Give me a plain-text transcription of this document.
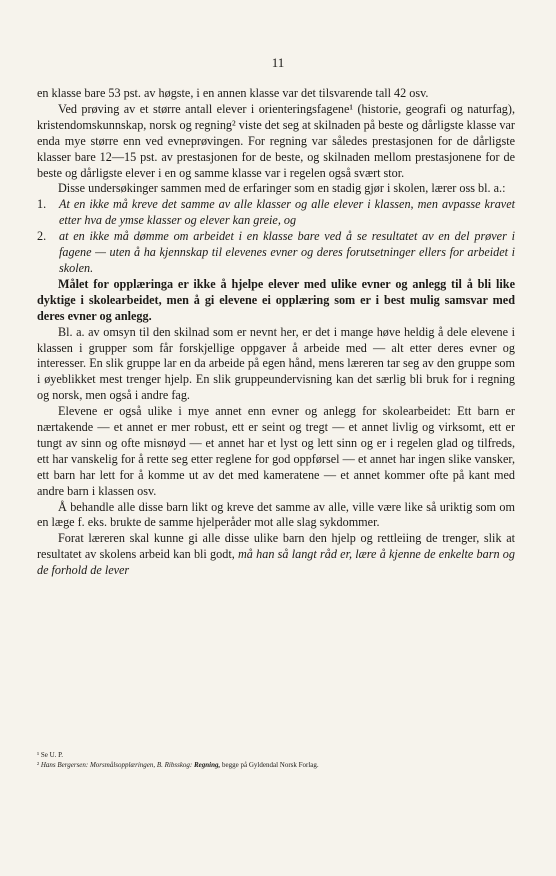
11

en klasse bare 53 pst. av høgste, i en annen klasse var det tilsvarende tall 42 osv.

Ved prøving av et større antall elever i orienteringsfagene¹ (historie, geografi og naturfag), kristendomskunnskap, norsk og regning² viste det seg at skilnaden på beste og dårligste klasse var enda mye større enn ved evneprøvingen. For regning var således prestasjonen for de dårligste klasser bare 12—15 pst. av prestasjonen for de beste, og skilnaden mellom prestasjonene for de beste og dårligste elever i en og samme klasse var i regelen også svært stor.

Disse undersøkinger sammen med de erfaringer som en stadig gjør i skolen, lærer oss bl. a.:

1. At en ikke må kreve det samme av alle klasser og alle elever i klassen, men avpasse kravet etter hva de ymse klasser og elever kan greie, og
2. at en ikke må dømme om arbeidet i en klasse bare ved å se resultatet av en del prøver i fagene — uten å ha kjennskap til elevenes evner og deres forutsetninger ellers for arbeidet i skolen.

Målet for opplæringa er ikke å hjelpe elever med ulike evner og anlegg til å bli like dyktige i skolearbeidet, men å gi elevene ei opplæring som er i best mulig samsvar med deres evner og anlegg.

Bl. a. av omsyn til den skilnad som er nevnt her, er det i mange høve heldig å dele elevene i klassen i grupper som får forskjellige oppgaver å arbeide med — alt etter deres evner og interesser. En slik gruppe lar en da arbeide på egen hånd, mens læreren tar seg av den gruppe som i øyeblikket mest trenger hjelp. En slik gruppeundervisning kan det særlig bli bruk for i regning og norsk, men også i andre fag.

Elevene er også ulike i mye annet enn evner og anlegg for skolearbeidet: Ett barn er nærtakende — et annet er mer robust, ett er seint og tregt — et annet livlig og virksomt, ett er tungt av sinn og ofte misnøyd — et annet har et lyst og lett sinn og er i regelen glad og tilfreds, ett har vanskelig for å rette seg etter reglene for god oppførsel — et annet har ingen slike vansker, ett barn har lett for å komme ut av det med kameratene — et annet kommer ofte på kant med andre barn i klassen osv.

Å behandle alle disse barn likt og kreve det samme av alle, ville være like så uriktig som om en læge f. eks. brukte de samme hjelperåder mot alle slag sykdommer.

Forat læreren skal kunne gi alle disse ulike barn den hjelp og rettleiing de trenger, slik at resultatet av skolens arbeid kan bli godt, må han så langt råd er, lære å kjenne de enkelte barn og de forhold de lever

¹ Se U. P.

² Hans Bergersen: Morsmålsopplæringen, B. Ribsskog: Regning, begge på Gyldendal Norsk Forlag.
